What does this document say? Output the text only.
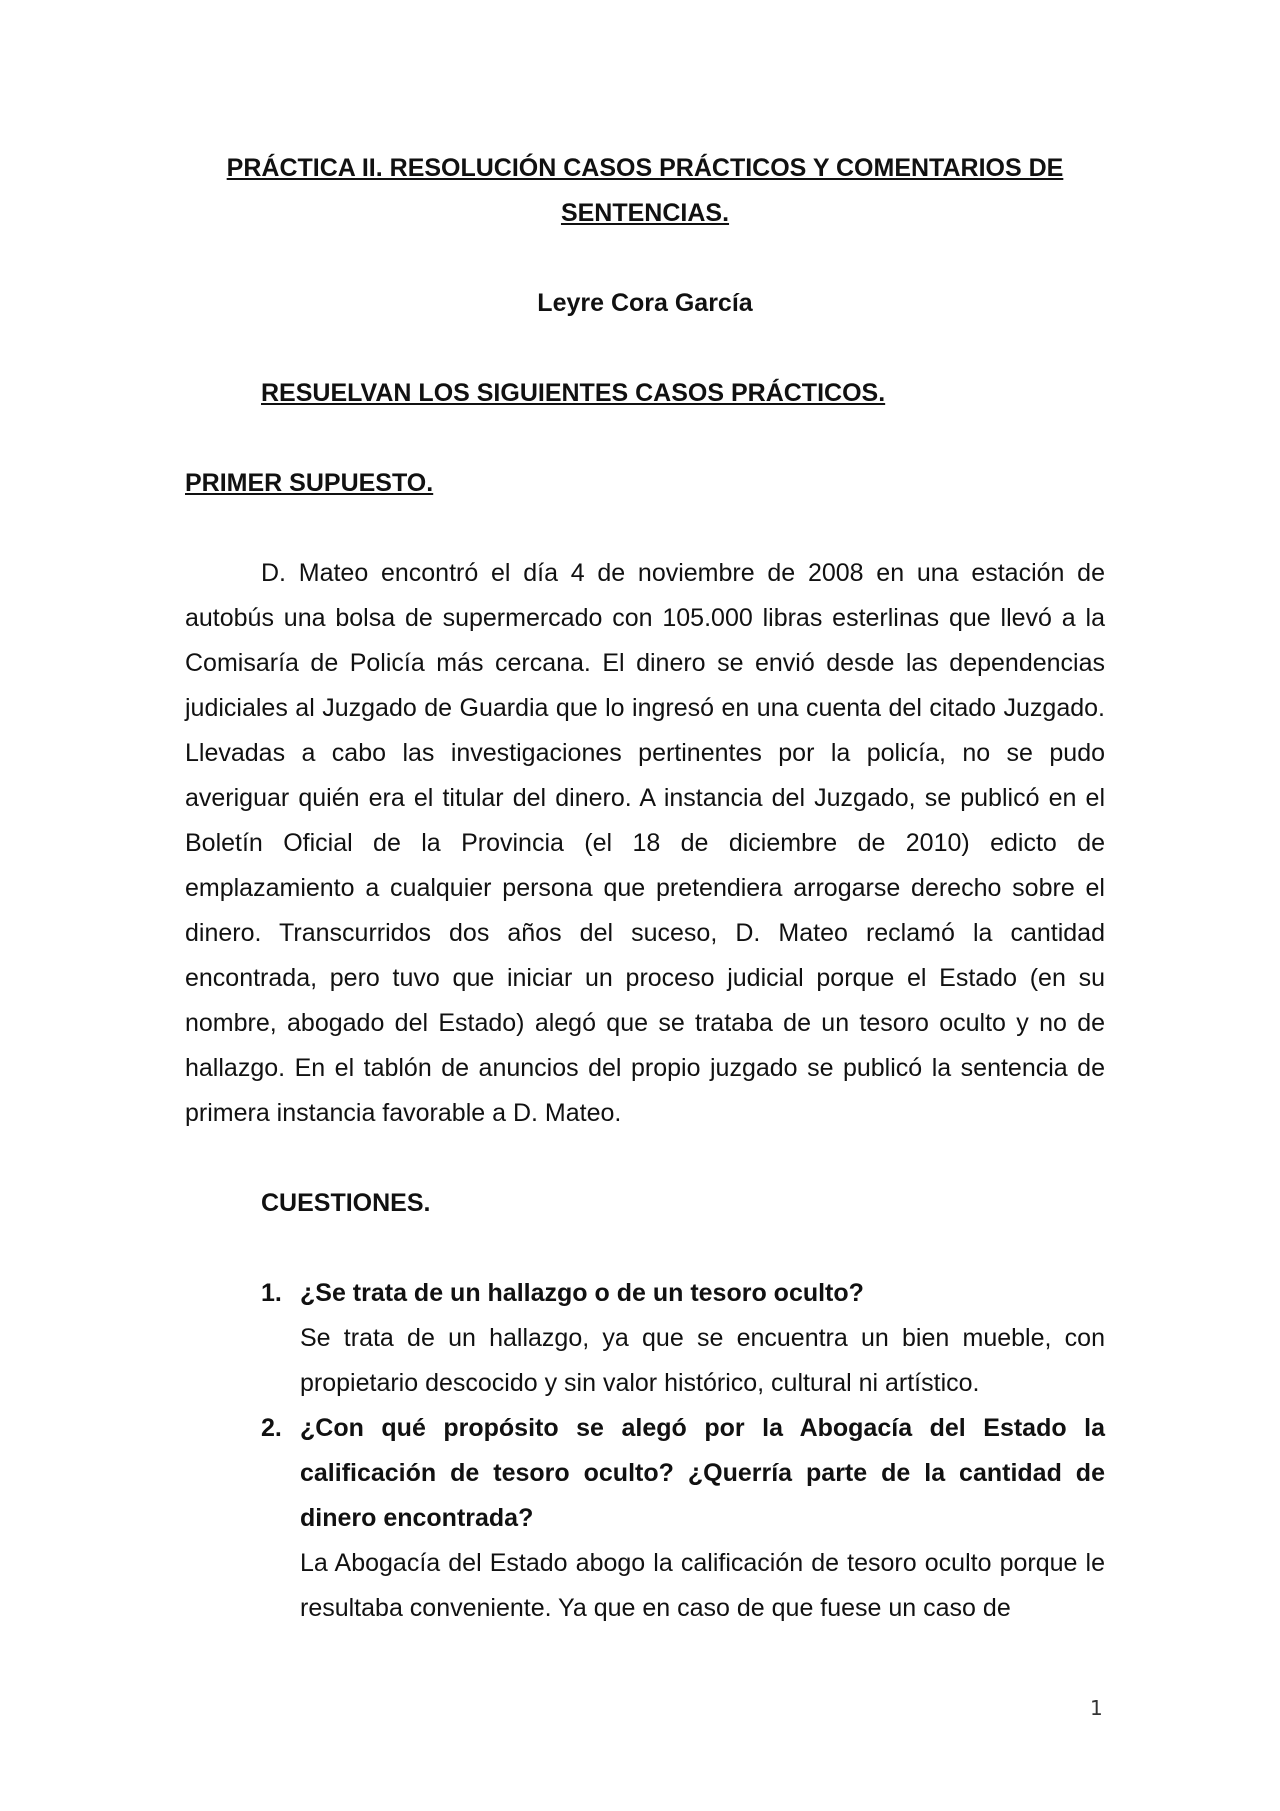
PRÁCTICA II. RESOLUCIÓN CASOS PRÁCTICOS Y COMENTARIOS DE SENTENCIAS.

Leyre Cora García

RESUELVAN LOS SIGUIENTES CASOS PRÁCTICOS.

PRIMER SUPUESTO.

D. Mateo encontró el día 4 de noviembre de 2008 en una estación de autobús una bolsa de supermercado con 105.000 libras esterlinas que llevó a la Comisaría de Policía más cercana. El dinero se envió desde las dependencias judiciales al Juzgado de Guardia que lo ingresó en una cuenta del citado Juzgado. Llevadas a cabo las investigaciones pertinentes por la policía, no se pudo averiguar quién era el titular del dinero. A instancia del Juzgado, se publicó en el Boletín Oficial de la Provincia (el 18 de diciembre de 2010) edicto de emplazamiento a cualquier persona que pretendiera arrogarse derecho sobre el dinero. Transcurridos dos años del suceso, D. Mateo reclamó la cantidad encontrada, pero tuvo que iniciar un proceso judicial porque el Estado (en su nombre, abogado del Estado) alegó que se trataba de un tesoro oculto y no de hallazgo. En el tablón de anuncios del propio juzgado se publicó la sentencia de primera instancia favorable a D. Mateo.

CUESTIONES.

1. ¿Se trata de un hallazgo o de un tesoro oculto?

Se trata de un hallazgo, ya que se encuentra un bien mueble, con propietario descocido y sin valor histórico, cultural ni artístico.

2. ¿Con qué propósito se alegó por la Abogacía del Estado la calificación de tesoro oculto? ¿Querría parte de la cantidad de dinero encontrada?

La Abogacía del Estado abogo la calificación de tesoro oculto porque le resultaba conveniente. Ya que en caso de que fuese un caso de

1
